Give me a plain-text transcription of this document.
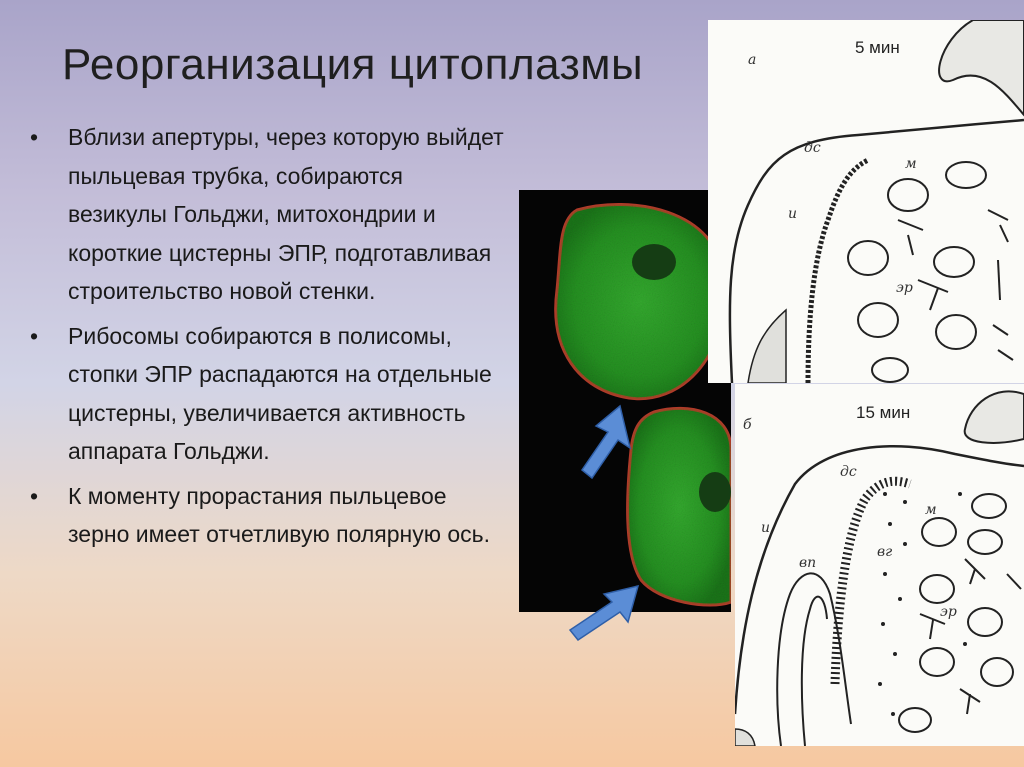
Реорганизация цитоплазмы
• Вблизи апертуры, через которую выйдет пыльцевая трубка, собираются везикулы Гольджи, митохондрии и короткие цистерны ЭПР, подготавливая строительство новой стенки.
• Рибосомы собираются в полисомы, стопки ЭПР распадаются на отдельные цистерны, увеличивается активность аппарата Гольджи.
• К моменту прорастания пыльцевое зерно имеет отчетливую полярную ось.
5 мин
а
дс
м
и
эр
15 мин
б
дс
м
и
вп
вг
эр
